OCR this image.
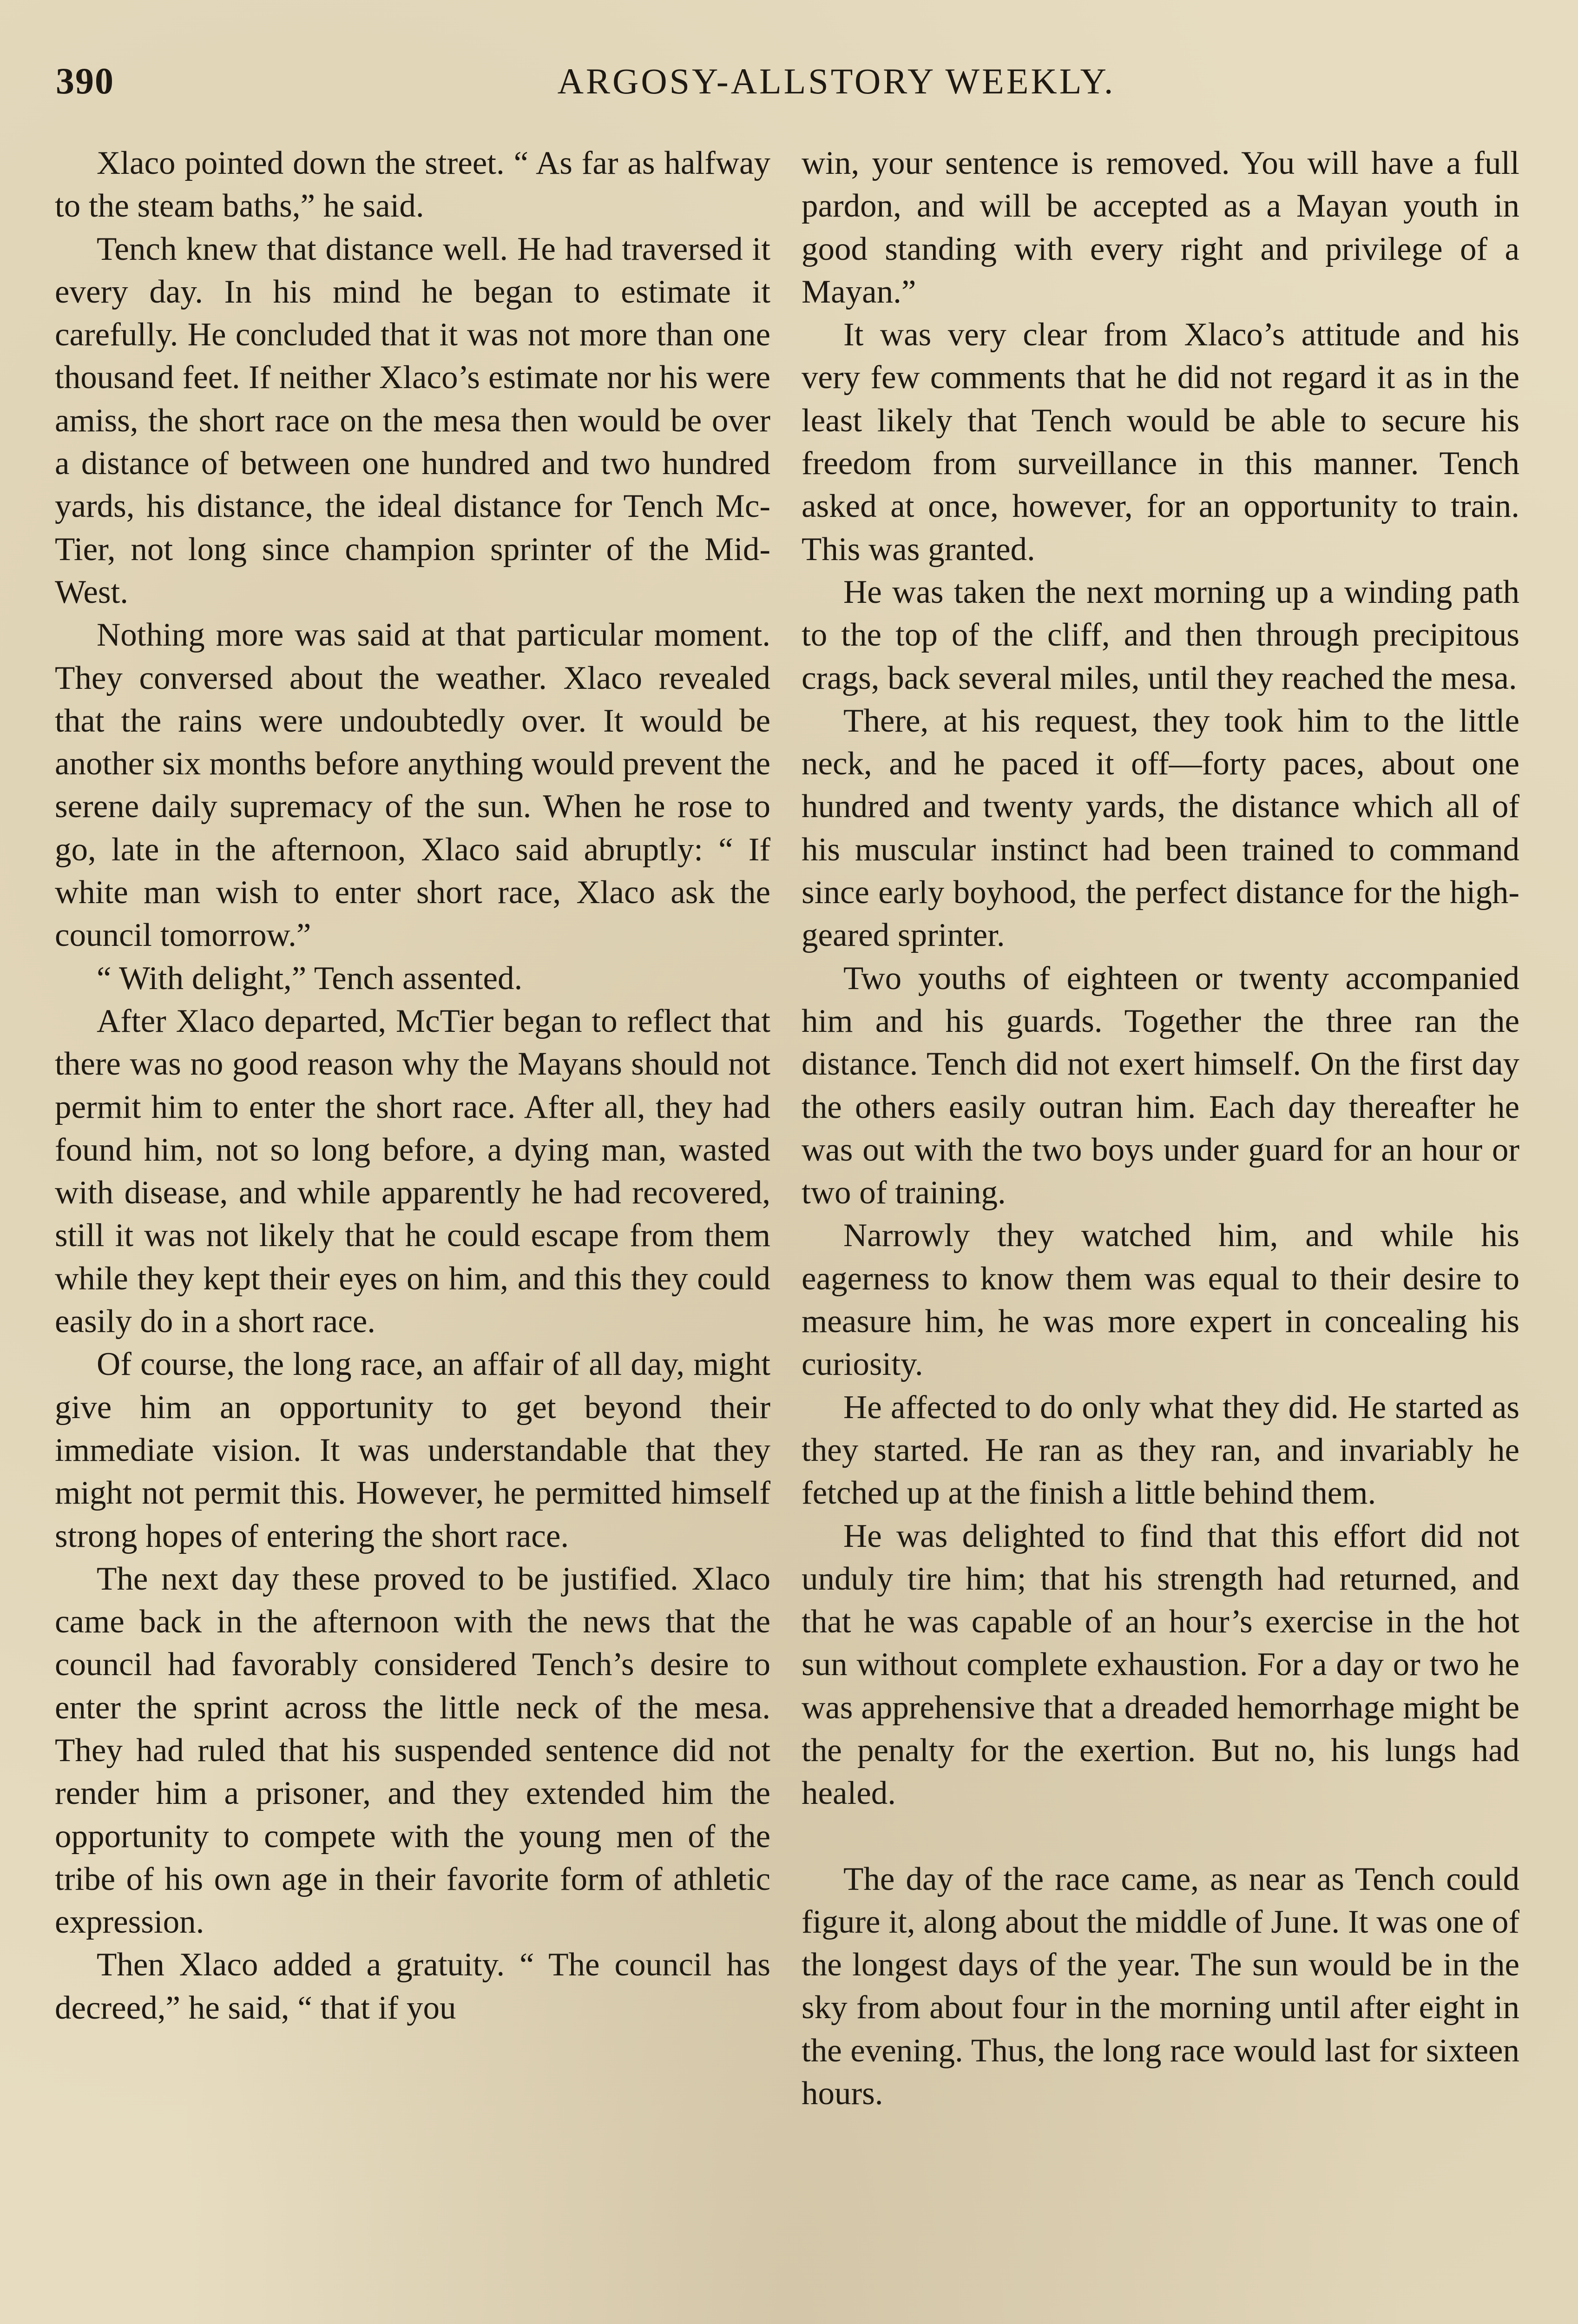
390	ARGOSY-ALLSTORY WEEKLY.

Xlaco pointed down the street. “ As far as halfway to the steam baths,” he said.

Tench knew that distance well. He had traversed it every day. In his mind he began to estimate it carefully. He concluded that it was not more than one thousand feet. If neither Xlaco’s estimate nor his were amiss, the short race on the mesa then would be over a distance of between one hundred and two hundred yards, his distance, the ideal distance for Tench McTier, not long since champion sprinter of the Mid-West.

Nothing more was said at that particular moment. They conversed about the weather. Xlaco revealed that the rains were undoubtedly over. It would be another six months before anything would prevent the serene daily supremacy of the sun. When he rose to go, late in the afternoon, Xlaco said abruptly: “ If white man wish to enter short race, Xlaco ask the council tomorrow.”

“ With delight,” Tench assented.

After Xlaco departed, McTier began to reflect that there was no good reason why the Mayans should not permit him to enter the short race. After all, they had found him, not so long before, a dying man, wasted with disease, and while apparently he had recovered, still it was not likely that he could escape from them while they kept their eyes on him, and this they could easily do in a short race.

Of course, the long race, an affair of all day, might give him an opportunity to get beyond their immediate vision. It was understandable that they might not permit this. However, he permitted himself strong hopes of entering the short race.

The next day these proved to be justified. Xlaco came back in the afternoon with the news that the council had favorably considered Tench’s desire to enter the sprint across the little neck of the mesa. They had ruled that his suspended sentence did not render him a prisoner, and they extended him the opportunity to compete with the young men of the tribe of his own age in their favorite form of athletic expression.

Then Xlaco added a gratuity. “ The council has decreed,” he said, “ that if you

win, your sentence is removed. You will have a full pardon, and will be accepted as a Mayan youth in good standing with every right and privilege of a Mayan.”

It was very clear from Xlaco’s attitude and his very few comments that he did not regard it as in the least likely that Tench would be able to secure his freedom from surveillance in this manner. Tench asked at once, however, for an opportunity to train. This was granted.

He was taken the next morning up a winding path to the top of the cliff, and then through precipitous crags, back several miles, until they reached the mesa.

There, at his request, they took him to the little neck, and he paced it off—forty paces, about one hundred and twenty yards, the distance which all of his muscular instinct had been trained to command since early boyhood, the perfect distance for the high-geared sprinter.

Two youths of eighteen or twenty accompanied him and his guards. Together the three ran the distance. Tench did not exert himself. On the first day the others easily outran him. Each day thereafter he was out with the two boys under guard for an hour or two of training.

Narrowly they watched him, and while his eagerness to know them was equal to their desire to measure him, he was more expert in concealing his curiosity.

He affected to do only what they did. He started as they started. He ran as they ran, and invariably he fetched up at the finish a little behind them.

He was delighted to find that this effort did not unduly tire him; that his strength had returned, and that he was capable of an hour’s exercise in the hot sun without complete exhaustion. For a day or two he was apprehensive that a dreaded hemorrhage might be the penalty for the exertion. But no, his lungs had healed.

The day of the race came, as near as Tench could figure it, along about the middle of June. It was one of the longest days of the year. The sun would be in the sky from about four in the morning until after eight in the evening. Thus, the long race would last for sixteen hours.
